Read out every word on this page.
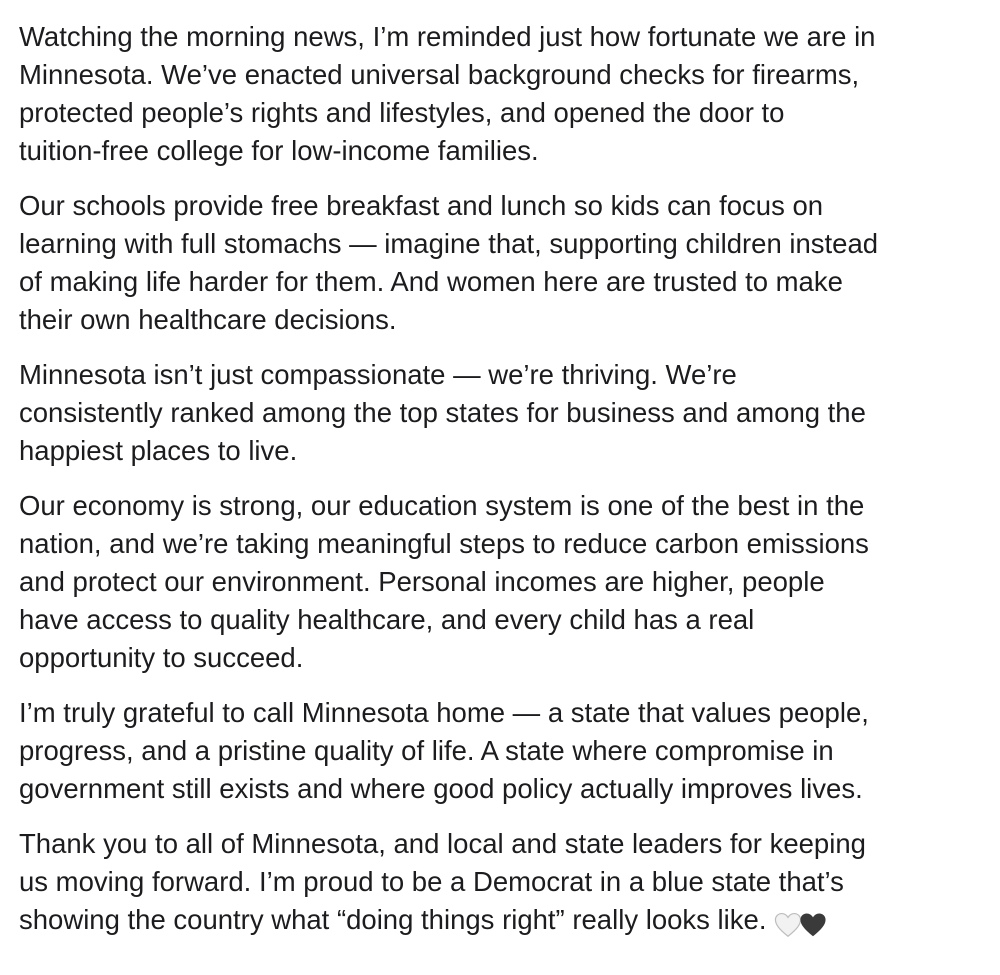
Watching the morning news, I’m reminded just how fortunate we are in
Minnesota. We’ve enacted universal background checks for firearms,
protected people’s rights and lifestyles, and opened the door to
tuition-free college for low-income families.

Our schools provide free breakfast and lunch so kids can focus on
learning with full stomachs — imagine that, supporting children instead
of making life harder for them. And women here are trusted to make
their own healthcare decisions.

Minnesota isn’t just compassionate — we’re thriving. We’re
consistently ranked among the top states for business and among the
happiest places to live.

Our economy is strong, our education system is one of the best in the
nation, and we’re taking meaningful steps to reduce carbon emissions
and protect our environment. Personal incomes are higher, people
have access to quality healthcare, and every child has a real
opportunity to succeed.

I’m truly grateful to call Minnesota home — a state that values people,
progress, and a pristine quality of life. A state where compromise in
government still exists and where good policy actually improves lives.

Thank you to all of Minnesota, and local and state leaders for keeping
us moving forward. I’m proud to be a Democrat in a blue state that’s
showing the country what “doing things right” really looks like.
